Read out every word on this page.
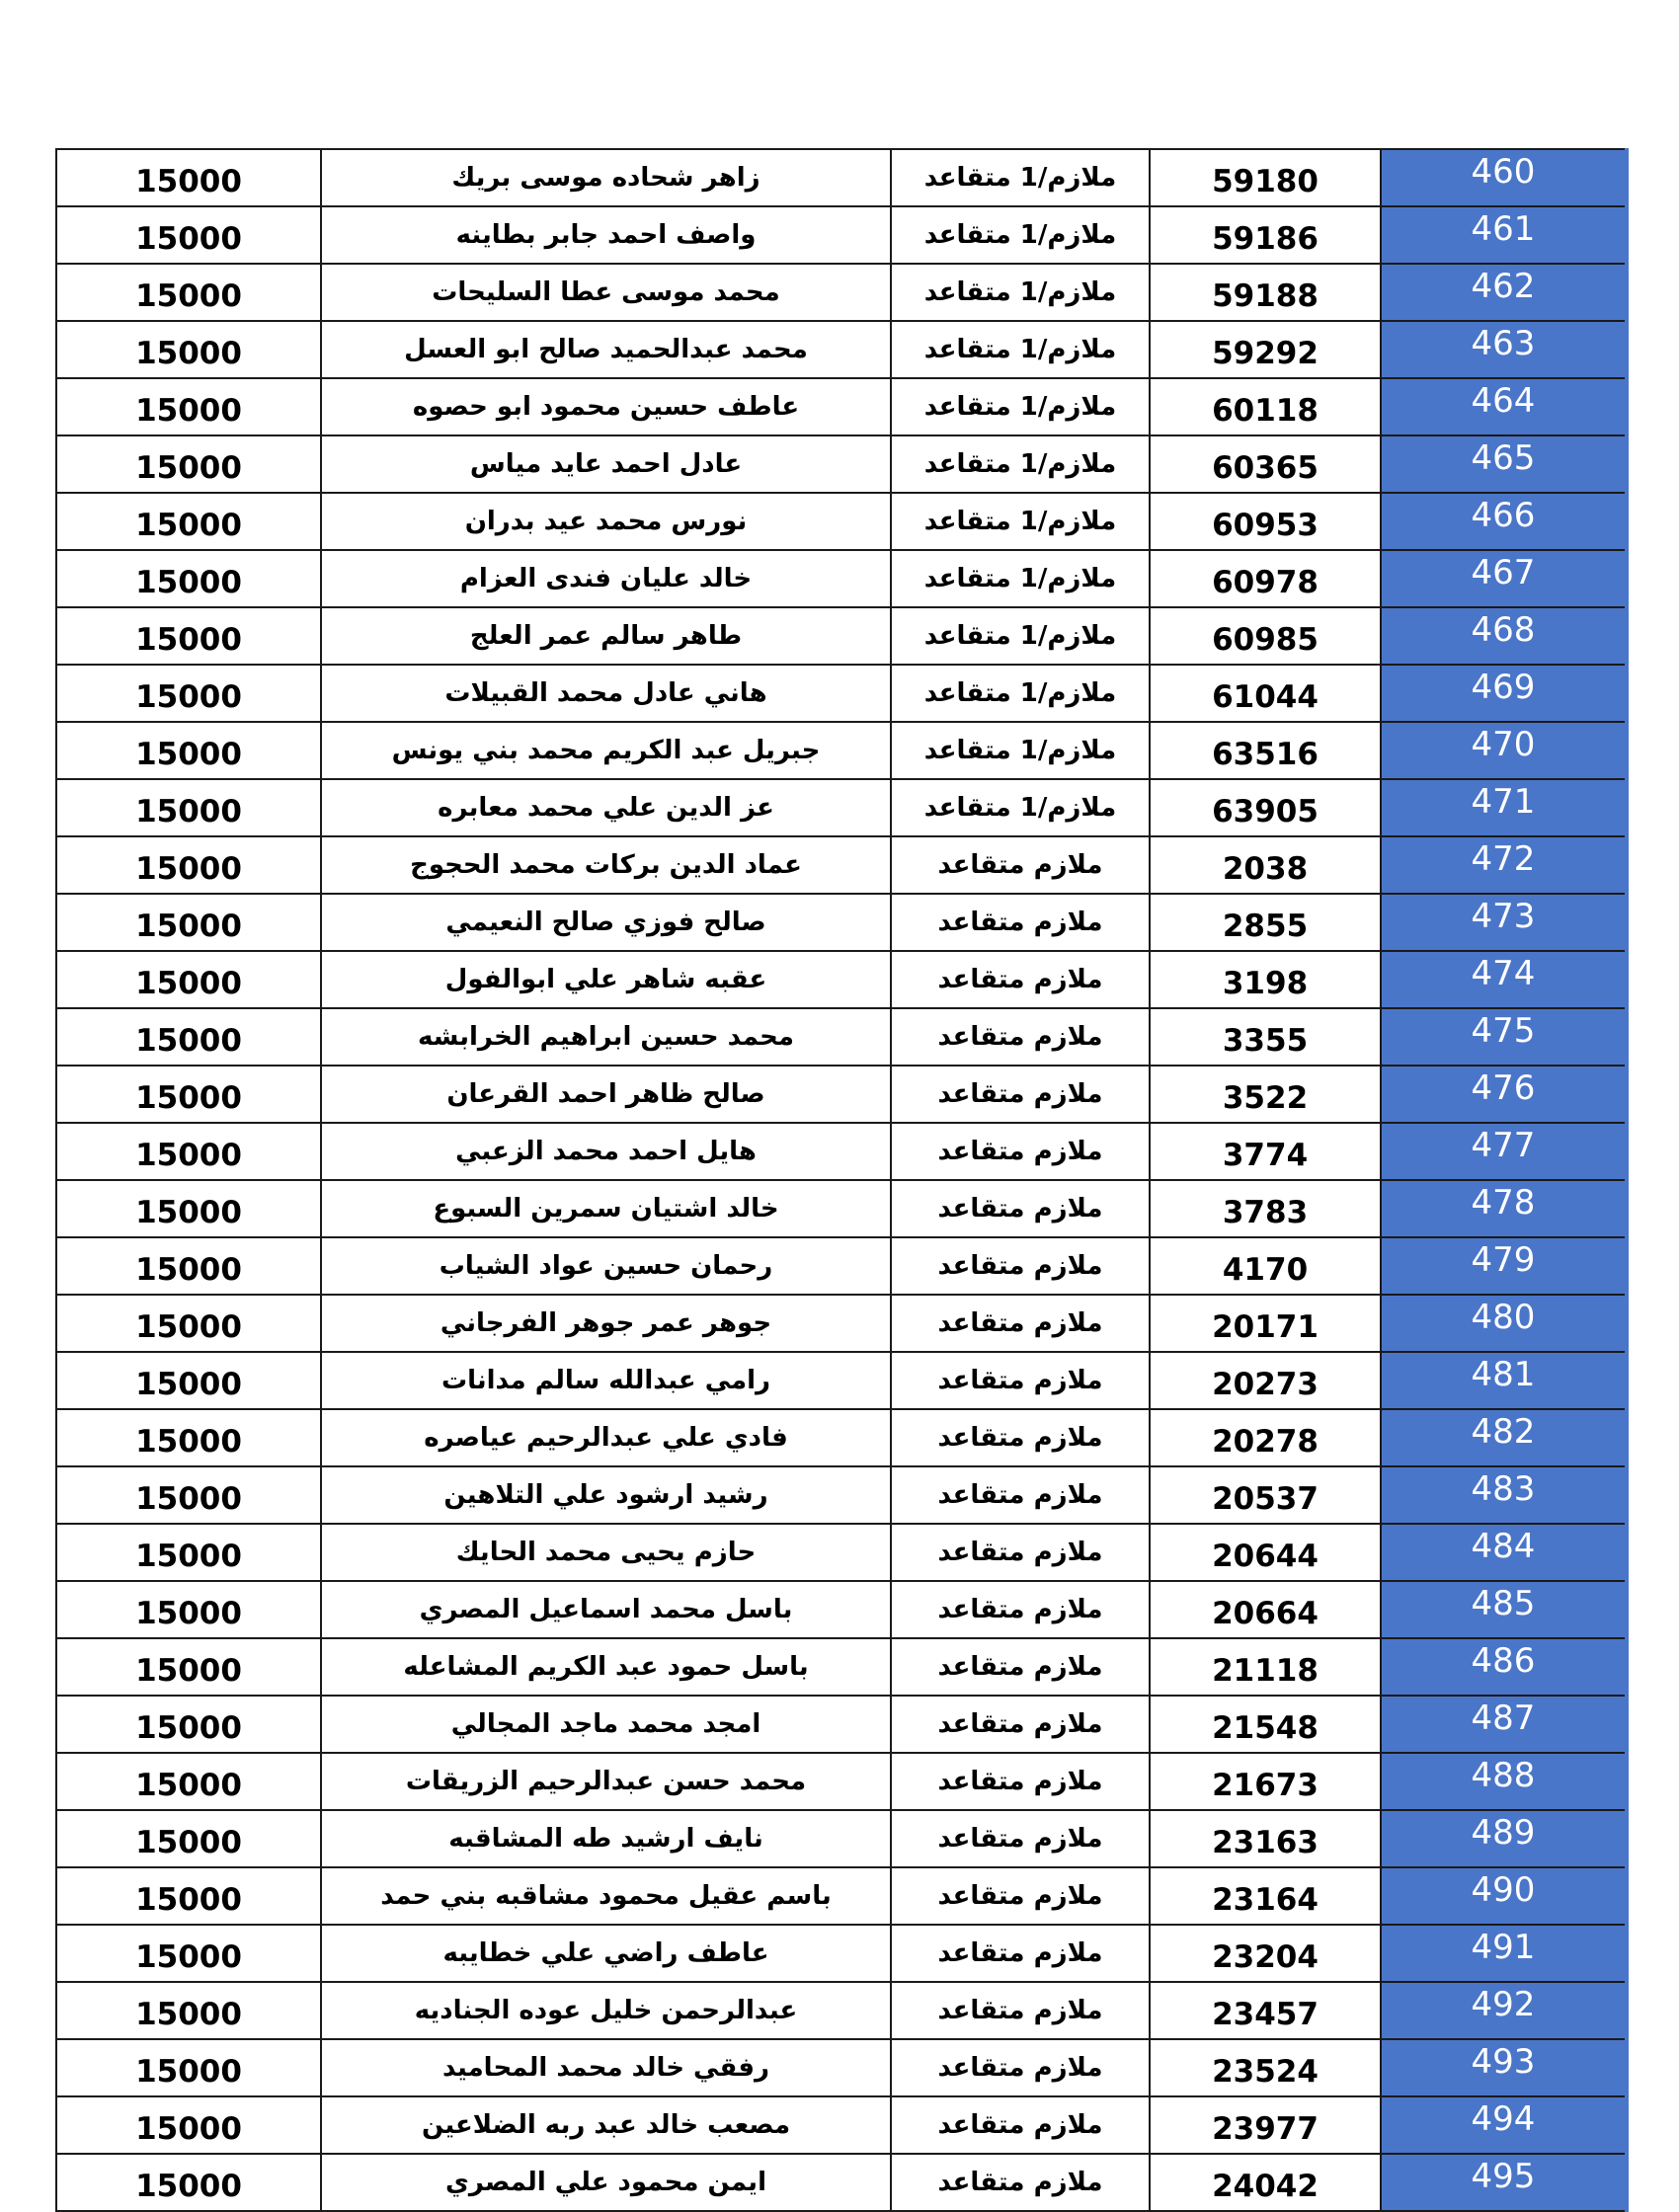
15000	زاهر شحاده موسى بريك	ملازم/1 متقاعد	59180	460
15000	واصف احمد جابر بطاينه	ملازم/1 متقاعد	59186	461
15000	محمد موسى عطا السليحات	ملازم/1 متقاعد	59188	462
15000	محمد عبدالحميد صالح ابو العسل	ملازم/1 متقاعد	59292	463
15000	عاطف حسين محمود ابو حصوه	ملازم/1 متقاعد	60118	464
15000	عادل احمد عايد مياس	ملازم/1 متقاعد	60365	465
15000	نورس محمد عيد بدران	ملازم/1 متقاعد	60953	466
15000	خالد عليان فندى العزام	ملازم/1 متقاعد	60978	467
15000	طاهر سالم عمر العلج	ملازم/1 متقاعد	60985	468
15000	هاني عادل محمد القبيلات	ملازم/1 متقاعد	61044	469
15000	جبريل عبد الكريم محمد بني يونس	ملازم/1 متقاعد	63516	470
15000	عز الدين علي محمد معابره	ملازم/1 متقاعد	63905	471
15000	عماد الدين بركات محمد الحجوج	ملازم متقاعد	2038	472
15000	صالح فوزي صالح النعيمي	ملازم متقاعد	2855	473
15000	عقبه شاهر علي ابوالفول	ملازم متقاعد	3198	474
15000	محمد حسين ابراهيم الخرابشه	ملازم متقاعد	3355	475
15000	صالح ظاهر احمد القرعان	ملازم متقاعد	3522	476
15000	هايل احمد محمد الزعبي	ملازم متقاعد	3774	477
15000	خالد اشتيان سمرين السبوع	ملازم متقاعد	3783	478
15000	رحمان حسين عواد الشياب	ملازم متقاعد	4170	479
15000	جوهر عمر جوهر الفرجاني	ملازم متقاعد	20171	480
15000	رامي عبدالله سالم مدانات	ملازم متقاعد	20273	481
15000	فادي علي عبدالرحيم عياصره	ملازم متقاعد	20278	482
15000	رشيد ارشود علي التلاهين	ملازم متقاعد	20537	483
15000	حازم يحيى محمد الحايك	ملازم متقاعد	20644	484
15000	باسل محمد اسماعيل المصري	ملازم متقاعد	20664	485
15000	باسل حمود عبد الكريم المشاعله	ملازم متقاعد	21118	486
15000	امجد محمد ماجد المجالي	ملازم متقاعد	21548	487
15000	محمد حسن عبدالرحيم الزريقات	ملازم متقاعد	21673	488
15000	نايف ارشيد طه المشاقبه	ملازم متقاعد	23163	489
15000	باسم عقيل محمود مشاقبه بني حمد	ملازم متقاعد	23164	490
15000	عاطف راضي علي خطايبه	ملازم متقاعد	23204	491
15000	عبدالرحمن خليل عوده الجناديه	ملازم متقاعد	23457	492
15000	رفقي خالد محمد المحاميد	ملازم متقاعد	23524	493
15000	مصعب خالد عبد ربه الضلاعين	ملازم متقاعد	23977	494
15000	ايمن محمود علي المصري	ملازم متقاعد	24042	495
